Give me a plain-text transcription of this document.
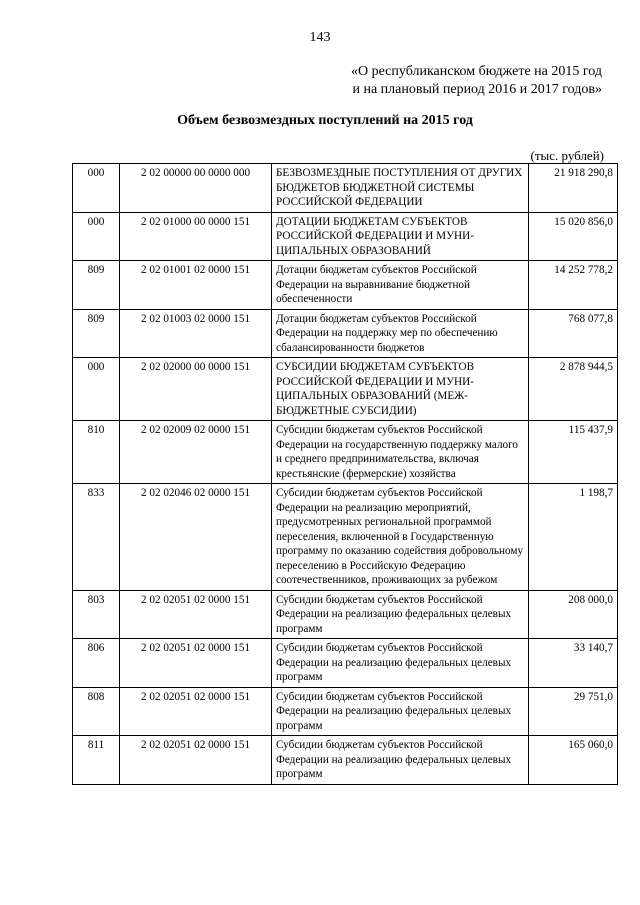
143
«О республиканском бюджете на 2015 год
и на плановый период 2016 и 2017 годов»
Объем безвозмездных поступлений на 2015 год
(тыс. рублей)
000	2 02 00000 00 0000 000	БЕЗВОЗМЕЗДНЫЕ ПОСТУПЛЕНИЯ ОТ ДРУГИХ БЮДЖЕТОВ БЮДЖЕТНОЙ СИСТЕМЫ РОССИЙСКОЙ ФЕДЕРАЦИИ	21 918 290,8
000	2 02 01000 00 0000 151	ДОТАЦИИ БЮДЖЕТАМ СУБЪЕКТОВ РОССИЙСКОЙ ФЕДЕРАЦИИ И МУНИЦИПАЛЬНЫХ ОБРАЗОВАНИЙ	15 020 856,0
809	2 02 01001 02 0000 151	Дотации бюджетам субъектов Российской Федерации на выравнивание бюджетной обеспеченности	14 252 778,2
809	2 02 01003 02 0000 151	Дотации бюджетам субъектов Российской Федерации на поддержку мер по обеспечению сбалансированности бюджетов	768 077,8
000	2 02 02000 00 0000 151	СУБСИДИИ БЮДЖЕТАМ СУБЪЕКТОВ РОССИЙСКОЙ ФЕДЕРАЦИИ И МУНИЦИПАЛЬНЫХ ОБРАЗОВАНИЙ (МЕЖБЮДЖЕТНЫЕ СУБСИДИИ)	2 878 944,5
810	2 02 02009 02 0000 151	Субсидии бюджетам субъектов Российской Федерации на государственную поддержку малого и среднего предпринимательства, включая крестьянские (фермерские) хозяйства	115 437,9
833	2 02 02046 02 0000 151	Субсидии бюджетам субъектов Российской Федерации на реализацию мероприятий, предусмотренных региональной программой переселения, включенной в Государственную программу по оказанию содействия добровольному переселению в Российскую Федерацию соотечественников, проживающих за рубежом	1 198,7
803	2 02 02051 02 0000 151	Субсидии бюджетам субъектов Российской Федерации на реализацию федеральных целевых программ	208 000,0
806	2 02 02051 02 0000 151	Субсидии бюджетам субъектов Российской Федерации на реализацию федеральных целевых программ	33 140,7
808	2 02 02051 02 0000 151	Субсидии бюджетам субъектов Российской Федерации на реализацию федеральных целевых программ	29 751,0
811	2 02 02051 02 0000 151	Субсидии бюджетам субъектов Российской Федерации на реализацию федеральных целевых программ	165 060,0
